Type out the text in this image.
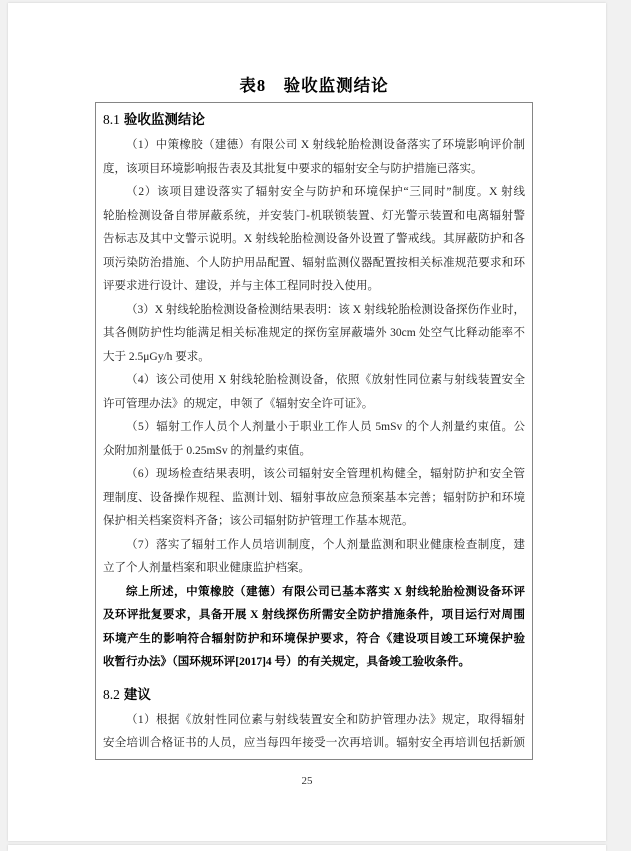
表8　验收监测结论
8.1 验收监测结论
（1）中策橡胶（建德）有限公司 X 射线轮胎检测设备落实了环境影响评价制
度，该项目环境影响报告表及其批复中要求的辐射安全与防护措施已落实。
（2）该项目建设落实了辐射安全与防护和环境保护“三同时”制度。X 射线
轮胎检测设备自带屏蔽系统，并安装门-机联锁装置、灯光警示装置和电离辐射警
告标志及其中文警示说明。X 射线轮胎检测设备外设置了警戒线。其屏蔽防护和各
项污染防治措施、个人防护用品配置、辐射监测仪器配置按相关标准规范要求和环
评要求进行设计、建设，并与主体工程同时投入使用。
（3）X 射线轮胎检测设备检测结果表明：该 X 射线轮胎检测设备探伤作业时，
其各侧防护性均能满足相关标准规定的探伤室屏蔽墙外 30cm 处空气比释动能率不
大于 2.5μGy/h 要求。
（4）该公司使用 X 射线轮胎检测设备，依照《放射性同位素与射线装置安全
许可管理办法》的规定，申领了《辐射安全许可证》。
（5）辐射工作人员个人剂量小于职业工作人员 5mSv 的个人剂量约束值。公
众附加剂量低于 0.25mSv 的剂量约束值。
（6）现场检查结果表明，该公司辐射安全管理机构健全，辐射防护和安全管
理制度、设备操作规程、监测计划、辐射事故应急预案基本完善；辐射防护和环境
保护相关档案资料齐备；该公司辐射防护管理工作基本规范。
（7）落实了辐射工作人员培训制度，个人剂量监测和职业健康检查制度，建
立了个人剂量档案和职业健康监护档案。
综上所述，中策橡胶（建德）有限公司已基本落实 X 射线轮胎检测设备环评
及环评批复要求，具备开展 X 射线探伤所需安全防护措施条件，项目运行对周围
环境产生的影响符合辐射防护和环境保护要求，符合《建设项目竣工环境保护验
收暂行办法》（国环规环评[2017]4 号）的有关规定，具备竣工验收条件。
8.2 建议
（1）根据《放射性同位素与射线装置安全和防护管理办法》规定，取得辐射
安全培训合格证书的人员，应当每四年接受一次再培训。辐射安全再培训包括新颁
25
